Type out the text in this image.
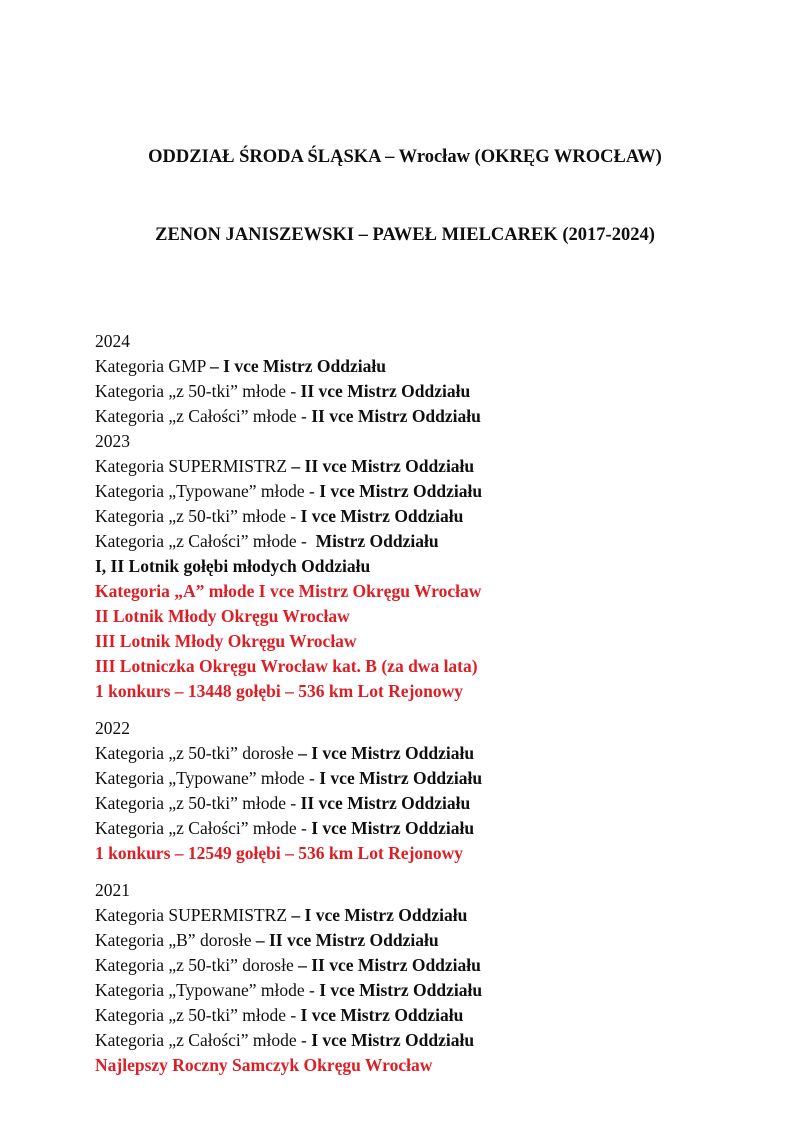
ODDZIAŁ ŚRODA ŚLĄSKA – Wrocław (OKRĘG WROCŁAW)

ZENON JANISZEWSKI – PAWEŁ MIELCAREK (2017-2024)

2024
Kategoria GMP – I vce Mistrz Oddziału
Kategoria „z 50-tki” młode - II vce Mistrz Oddziału
Kategoria „z Całości” młode - II vce Mistrz Oddziału
2023
Kategoria SUPERMISTRZ – II vce Mistrz Oddziału
Kategoria „Typowane” młode - I vce Mistrz Oddziału
Kategoria „z 50-tki” młode - I vce Mistrz Oddziału
Kategoria „z Całości” młode -  Mistrz Oddziału
I, II Lotnik gołębi młodych Oddziału
Kategoria „A” młode I vce Mistrz Okręgu Wrocław
II Lotnik Młody Okręgu Wrocław
III Lotnik Młody Okręgu Wrocław
III Lotniczka Okręgu Wrocław kat. B (za dwa lata)
1 konkurs – 13448 gołębi – 536 km Lot Rejonowy
2022
Kategoria „z 50-tki” dorosłe – I vce Mistrz Oddziału
Kategoria „Typowane” młode - I vce Mistrz Oddziału
Kategoria „z 50-tki” młode - II vce Mistrz Oddziału
Kategoria „z Całości” młode - I vce Mistrz Oddziału
1 konkurs – 12549 gołębi – 536 km Lot Rejonowy
2021
Kategoria SUPERMISTRZ – I vce Mistrz Oddziału
Kategoria „B” dorosłe – II vce Mistrz Oddziału
Kategoria „z 50-tki” dorosłe – II vce Mistrz Oddziału
Kategoria „Typowane” młode - I vce Mistrz Oddziału
Kategoria „z 50-tki” młode - I vce Mistrz Oddziału
Kategoria „z Całości” młode - I vce Mistrz Oddziału
Najlepszy Roczny Samczyk Okręgu Wrocław
